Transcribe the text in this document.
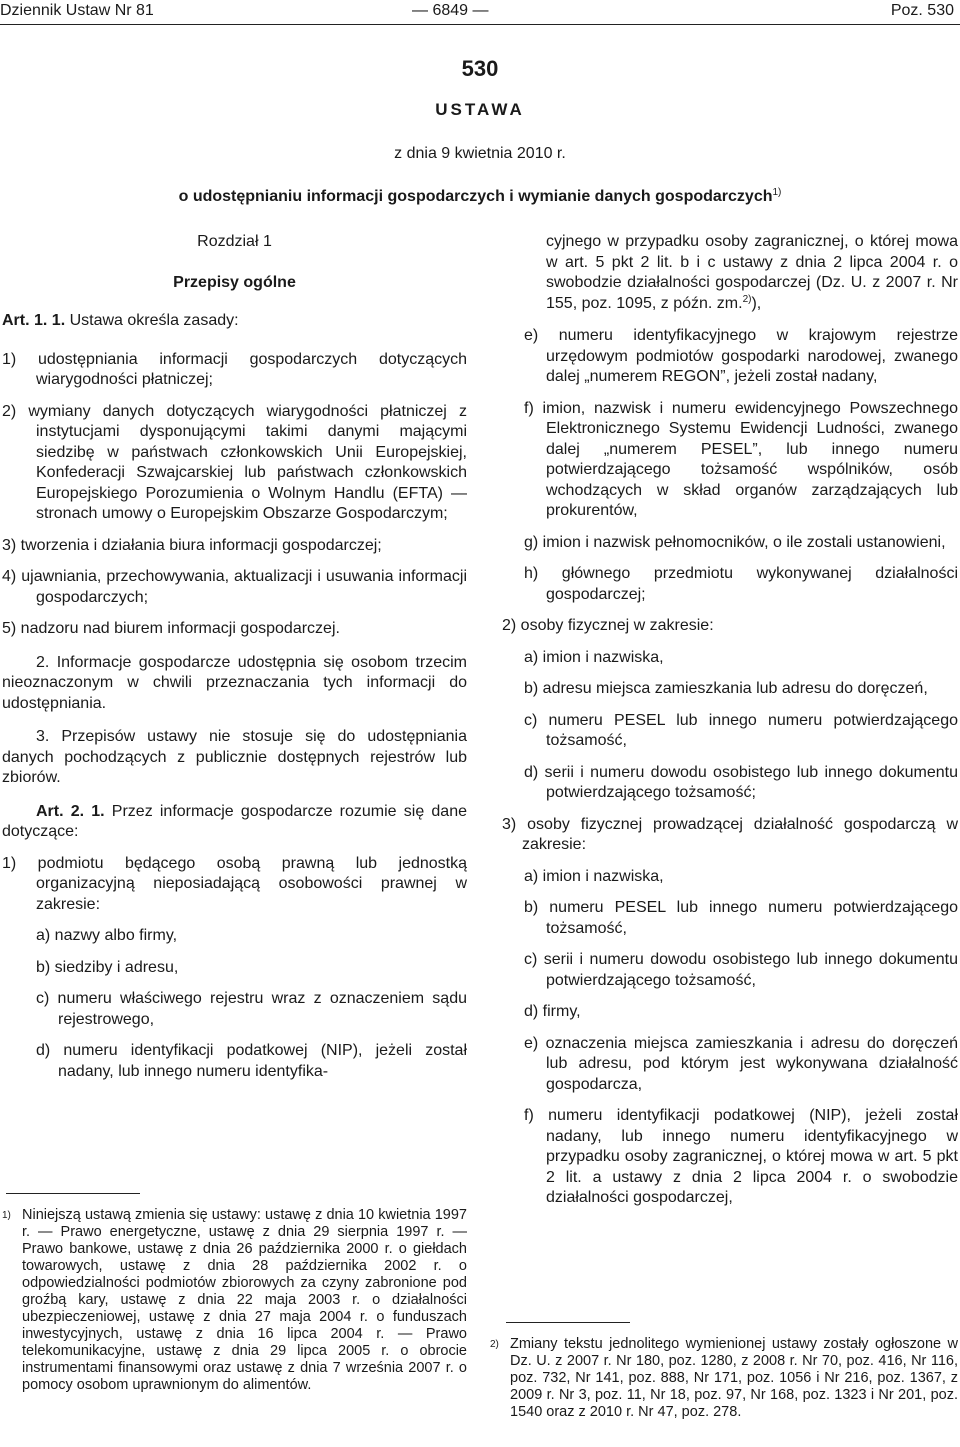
Dziennik Ustaw Nr 81	— 6849 —	Poz. 530
530
USTAWA
z dnia 9 kwietnia 2010 r.
o udostępnianiu informacji gospodarczych i wymianie danych gospodarczych$^{1)}$
Rozdział 1
Przepisy ogólne

Art. 1. 1. Ustawa określa zasady:

1) udostępniania informacji gospodarczych dotyczących wiarygodności płatniczej;

2) wymiany danych dotyczących wiarygodności płatniczej z instytucjami dysponującymi takimi danymi mającymi siedzibę w państwach członkowskich Unii Europejskiej, Konfederacji Szwajcarskiej lub państwach członkowskich Europejskiego Porozumienia o Wolnym Handlu (EFTA) — stronach umowy o Europejskim Obszarze Gospodarczym;

3) tworzenia i działania biura informacji gospodarczej;

4) ujawniania, przechowywania, aktualizacji i usuwania informacji gospodarczych;

5) nadzoru nad biurem informacji gospodarczej.

2. Informacje gospodarcze udostępnia się osobom trzecim nieoznaczonym w chwili przeznaczania tych informacji do udostępniania.

3. Przepisów ustawy nie stosuje się do udostępniania danych pochodzących z publicznie dostępnych rejestrów lub zbiorów.

Art. 2. 1. Przez informacje gospodarcze rozumie się dane dotyczące:

1) podmiotu będącego osobą prawną lub jednostką organizacyjną nieposiadającą osobowości prawnej w zakresie:

a) nazwy albo firmy,

b) siedziby i adresu,

c) numeru właściwego rejestru wraz z oznaczeniem sądu rejestrowego,

d) numeru identyfikacji podatkowej (NIP), jeżeli został nadany, lub innego numeru identyfika-

1) Niniejszą ustawą zmienia się ustawy: ustawę z dnia 10 kwietnia 1997 r. — Prawo energetyczne, ustawę z dnia 29 sierpnia 1997 r. — Prawo bankowe, ustawę z dnia 26 października 2000 r. o giełdach towarowych, ustawę z dnia 28 października 2002 r. o odpowiedzialności podmiotów zbiorowych za czyny zabronione pod groźbą kary, ustawę z dnia 22 maja 2003 r. o działalności ubezpieczeniowej, ustawę z dnia 27 maja 2004 r. o funduszach inwestycyjnych, ustawę z dnia 16 lipca 2004 r. — Prawo telekomunikacyjne, ustawę z dnia 29 lipca 2005 r. o obrocie instrumentami finansowymi oraz ustawę z dnia 7 września 2007 r. o pomocy osobom uprawnionym do alimentów.

cyjnego w przypadku osoby zagranicznej, o której mowa w art. 5 pkt 2 lit. b i c ustawy z dnia 2 lipca 2004 r. o swobodzie działalności gospodarczej (Dz. U. z 2007 r. Nr 155, poz. 1095, z późn. zm.$^{2)}$),

e) numeru identyfikacyjnego w krajowym rejestrze urzędowym podmiotów gospodarki narodowej, zwanego dalej „numerem REGON”, jeżeli został nadany,

f) imion, nazwisk i numeru ewidencyjnego Powszechnego Elektronicznego Systemu Ewidencji Ludności, zwanego dalej „numerem PESEL”, lub innego numeru potwierdzającego tożsamość wspólników, osób wchodzących w skład organów zarządzających lub prokurentów,

g) imion i nazwisk pełnomocników, o ile zostali ustanowieni,

h) głównego przedmiotu wykonywanej działalności gospodarczej;

2) osoby fizycznej w zakresie:

a) imion i nazwiska,

b) adresu miejsca zamieszkania lub adresu do doręczeń,

c) numeru PESEL lub innego numeru potwierdzającego tożsamość,

d) serii i numeru dowodu osobistego lub innego dokumentu potwierdzającego tożsamość;

3) osoby fizycznej prowadzącej działalność gospodarczą w zakresie:

a) imion i nazwiska,

b) numeru PESEL lub innego numeru potwierdzającego tożsamość,

c) serii i numeru dowodu osobistego lub innego dokumentu potwierdzającego tożsamość,

d) firmy,

e) oznaczenia miejsca zamieszkania i adresu do doręczeń lub adresu, pod którym jest wykonywana działalność gospodarcza,

f) numeru identyfikacji podatkowej (NIP), jeżeli został nadany, lub innego numeru identyfikacyjnego w przypadku osoby zagranicznej, o której mowa w art. 5 pkt 2 lit. a ustawy z dnia 2 lipca 2004 r. o swobodzie działalności gospodarczej,

2) Zmiany tekstu jednolitego wymienionej ustawy zostały ogłoszone w Dz. U. z 2007 r. Nr 180, poz. 1280, z 2008 r. Nr 70, poz. 416, Nr 116, poz. 732, Nr 141, poz. 888, Nr 171, poz. 1056 i Nr 216, poz. 1367, z 2009 r. Nr 3, poz. 11, Nr 18, poz. 97, Nr 168, poz. 1323 i Nr 201, poz. 1540 oraz z 2010 r. Nr 47, poz. 278.
